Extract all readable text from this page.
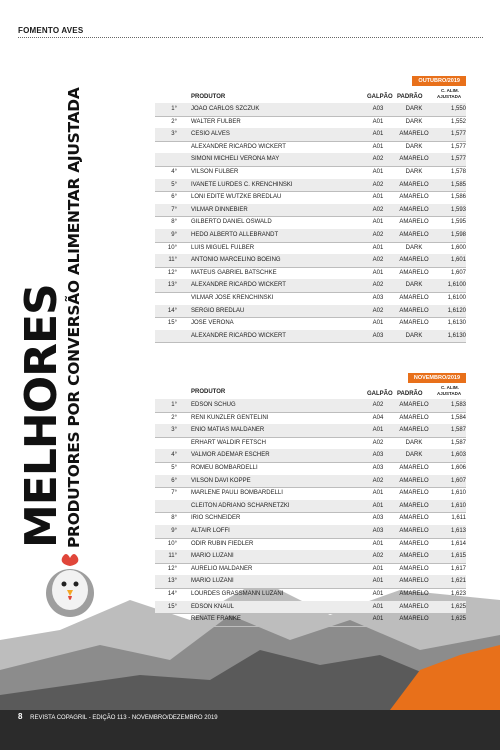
FOMENTO AVES
MELHORES
PRODUTORES POR CONVERSÃO ALIMENTAR AJUSTADA
OUTUBRO/2019
PRODUTOR	GALPÃO PADRÃO
C. ALIM.
AJUSTADA
1° JOAO CARLOS SZCZUK	A03	DARK	1,550
2° WALTER FULBER	A01	DARK	1,552
3° CESIO ALVES	A01	AMARELO	1,577
ALEXANDRE RICARDO WICKERT	A01	DARK	1,577
SIMONI MICHELI VERONA MAY	A02	AMARELO	1,577
4° VILSON FULBER	A01	DARK	1,578
5° IVANETE LURDES C. KRENCHINSKI	A02	AMARELO	1,585
6° LONI EDITE WUTZKE BREDLAU	A01	AMARELO	1,586
7° VILMAR DINNEBIER	A02	AMARELO	1,593
8° GILBERTO DANIEL OSWALD	A01	AMARELO	1,595
9° HEDO ALBERTO ALLEBRANDT	A02	AMARELO	1,598
10° LUIS MIGUEL FULBER	A01	DARK	1,600
11° ANTONIO MARCELINO BOEING	A02	AMARELO	1,601
12° MATEUS GABRIEL BATSCHKE	A01	AMARELO	1,607
13° ALEXANDRE RICARDO WICKERT	A02	DARK	1,6100
VILMAR JOSE KRENCHINSKI	A03	AMARELO	1,6100
14° SERGIO BREDLAU	A02	AMARELO	1,6120
15° JOSE VERONA	A01	AMARELO	1,6130
ALEXANDRE RICARDO WICKERT	A03	DARK	1,6130
NOVEMBRO/2019
PRODUTOR	GALPÃO PADRÃO
C. ALIM.
AJUSTADA
1° EDSON SCHUG	A02	AMARELO	1,583
2° RENI KUNZLER GENTELINI	A04	AMARELO	1,584
3° ENIO MATIAS MALDANER	A01	AMARELO	1,587
ERHART WALDIR FETSCH	A02	DARK	1,587
4° VALMOR ADEMAR ESCHER	A03	DARK	1,603
5° ROMEU BOMBARDELLI	A03	AMARELO	1,606
6° VILSON DAVI KOPPE	A02	AMARELO	1,607
7° MARLENE PAULI BOMBARDELLI	A01	AMARELO	1,610
CLEITON ADRIANO SCHARNETZKI	A01	AMARELO	1,610
8° IRIO SCHNEIDER	A03	AMARELO	1,611
9° ALTAIR LOFFI	A03	AMARELO	1,613
10° ODIR RUBIN FIEDLER	A01	AMARELO	1,614
11° MARIO LUZANI	A02	AMARELO	1,615
12° AURELIO MALDANER	A01	AMARELO	1,617
13° MARIO LUZANI	A01	AMARELO	1,621
14° LOURDES GRASSMANN LUZANI	A01	AMARELO	1,623
15° EDSON KNAUL	A01	AMARELO	1,625
RENATE FRANKE	A01	AMARELO	1,625
8 REVISTA COPAGRIL - EDIÇÃO 113 - NOVEMBRO/DEZEMBRO 2019
